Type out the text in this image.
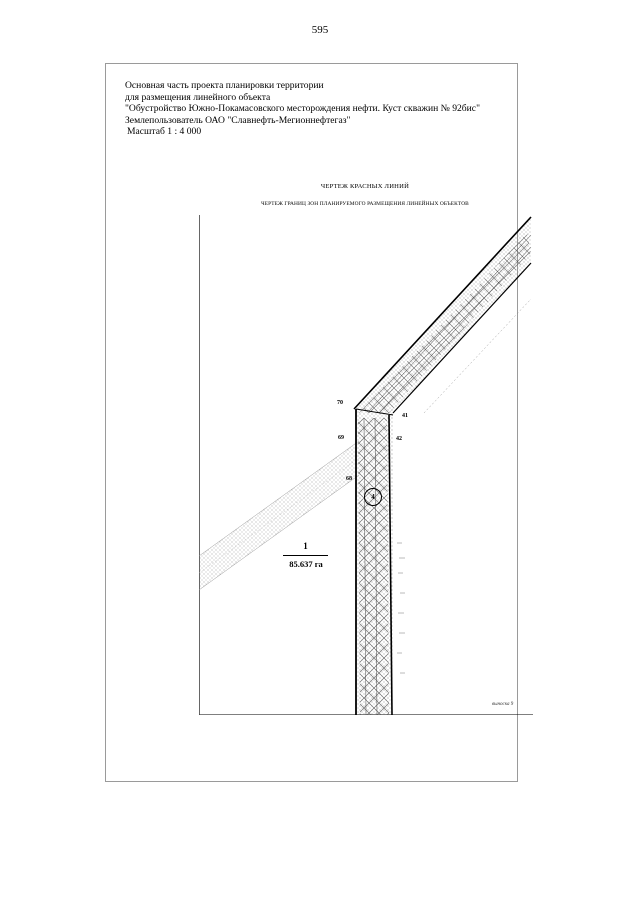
595
Основная часть проекта планировки территории
для размещения линейного объекта
"Обустройство Южно-Покамасовского месторождения нефти. Куст скважин № 92бис"
Землепользователь ОАО "Славнефть-Мегионнефтегаз"
Масштаб 1 : 4 000
ЧЕРТЕЖ КРАСНЫХ ЛИНИЙ
ЧЕРТЕЖ ГРАНИЦ ЗОН ПЛАНИРУЕМОГО РАЗМЕЩЕНИЯ ЛИНЕЙНЫХ ОБЪЕКТОВ
70
41
69	42
68
4
1
85.637 га
выноска 9
